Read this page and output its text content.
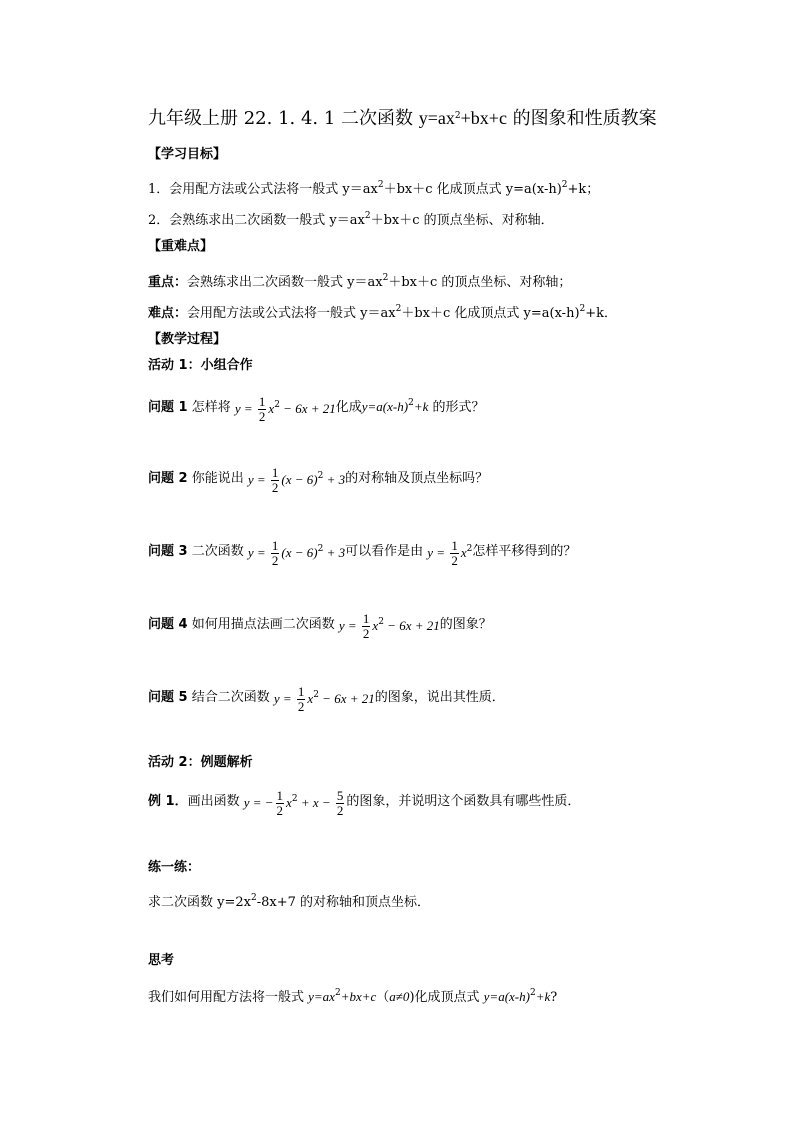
九年级上册 22. 1. 4. 1 二次函数 $y=ax^2+bx+c$ 的图象和性质教案
【学习目标】
1．会用配方法或公式法将一般式 $y=ax^2+bx+c$ 化成顶点式 $y=a(x-h)^2+k$；
2．会熟练求出二次函数一般式 $y=ax^2+bx+c$ 的顶点坐标、对称轴．
【重难点】
重点：会熟练求出二次函数一般式 $y=ax^2+bx+c$ 的顶点坐标、对称轴；
难点：会用配方法或公式法将一般式 $y=ax^2+bx+c$ 化成顶点式 $y=a(x-h)^2+k$．
【教学过程】
活动 1：小组合作
问题 1 怎样将 $y = \frac{1}{2} x^2 - 6x + 21$化成$y=a(x-h)^2+k$ 的形式？
问题 2 你能说出 $y = \frac{1}{2} (x - 6)^2 + 3$的对称轴及顶点坐标吗？
问题 3 二次函数 $y = \frac{1}{2} (x - 6)^2 + 3$可以看作是由 $y = \frac{1}{2} x^2$怎样平移得到的？
问题 4 如何用描点法画二次函数 $y = \frac{1}{2} x^2 - 6x + 21$的图象？
问题 5 结合二次函数 $y = \frac{1}{2} x^2 - 6x + 21$的图象，说出其性质．
活动 2：例题解析
例 1．画出函数 y = − $\frac{1}{2} x^2 + x - \frac{5}{2}$ 的图象，并说明这个函数具有哪些性质．
练一练：
求二次函数 $y=2x^2-8x+7$ 的对称轴和顶点坐标．
思考
我们如何用配方法将一般式 $y=ax^2+bx+c(a\ne 0)$化成顶点式 $y=a(x-h)^2+k$?
